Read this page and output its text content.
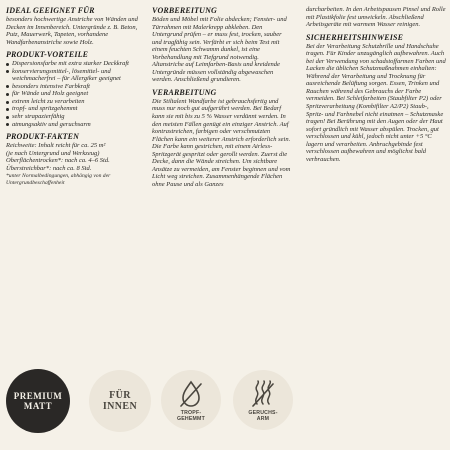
IDEAL GEEIGNET FÜR

besonders hochwertige Anstriche von Wänden und Decken im Innenbereich. Untergründe z. B. Beton, Putz, Mauerwerk, Tapeten, vorhandene Wandfarbenanstriche sowie Holz.

PRODUKT-VORTEILE
Dispersionsfarbe mit extra starker Deckkraft
konservierungsmittel-, lösemittel- und weichmacherfrei – für Allergiker geeignet
besonders intensive Farbkraft
für Wände und Holz geeignet
extrem leicht zu verarbeiten
tropf- und spritzgehemmt
sehr strapazierfähig
atmungsaktiv und geruchsarm
PRODUKT-FAKTEN
Reichweite: Inhalt reicht für ca. 25 m²
(je nach Untergrund und Werkzeug)
Oberflächentrocken*: nach ca. 4–6 Std.
Überstreichbar*: nach ca. 8 Std.
*unter Normalbedingungen, abhängig von der Untergrundbeschaffenheit
VORBEREITUNG

Böden und Möbel mit Folie abdecken; Fenster- und Türrahmen mit Malerkrepp abkleben. Den Untergrund prüfen – er muss fest, trocken, sauber und tragfähig sein. Verfärbt er sich beim Test mit einem feuchten Schwamm dunkel, ist eine Vorbehandlung mit Tiefgrund notwendig. Altanstriche auf Leimfarben-Basis und kreidende Untergründe müssen vollständig abgewaschen werden. Anschließend grundieren.

VERARBEITUNG

Die Stiltalent Wandfarbe ist gebrauchsfertig und muss nur noch gut aufgerührt werden. Bei Bedarf kann sie mit bis zu 5 % Wasser verdünnt werden. In den meisten Fällen genügt ein einziger Anstrich. Auf kontrastreichen, farbigen oder verschmutzten Flächen kann ein weiterer Anstrich erforderlich sein. Die Farbe kann gestrichen, mit einem Airless-Spritzgerät gespritzt oder gerollt werden. Zuerst die Decke, dann die Wände streichen. Um sichtbare Ansätze zu vermeiden, am Fenster beginnen und vom Licht weg streichen. Zusammenhängende Flächen ohne Pause und als Ganzes

durcharbeiten. In den Arbeitspausen Pinsel und Rolle mit Plastikfolie fest umwickeln. Abschließend Arbeitsgeräte mit warmem Wasser reinigen.

SICHERHEITSHINWEISE

Bei der Verarbeitung Schutzbrille und Handschuhe tragen. Für Kinder unzugänglich aufbewahren. Auch bei der Verwendung von schadstoffarmen Farben und Lacken die üblichen Schutzmaßnahmen einhalten: Während der Verarbeitung und Trocknung für ausreichende Belüftung sorgen. Essen, Trinken und Rauchen während des Gebrauchs der Farbe vermeiden. Bei Schleifarbeiten (Staubfilter P2) oder Spritzverarbeitung (Kombifilter A2/P2) Staub-, Spritz- und Farbnebel nicht einatmen – Schutzmaske tragen! Bei Berührung mit den Augen oder der Haut sofort gründlich mit Wasser abspülen. Trocken, gut verschlossen und kühl, jedoch nicht unter +5 °C lagern und verarbeiten. Anbruchgebinde fest verschlossen aufbewahren und möglichst bald verbrauchen.

PREMIUM
MATT
FÜR
INNEN
TROPF-
GEHEMMT
GERUCHS-
ARM
